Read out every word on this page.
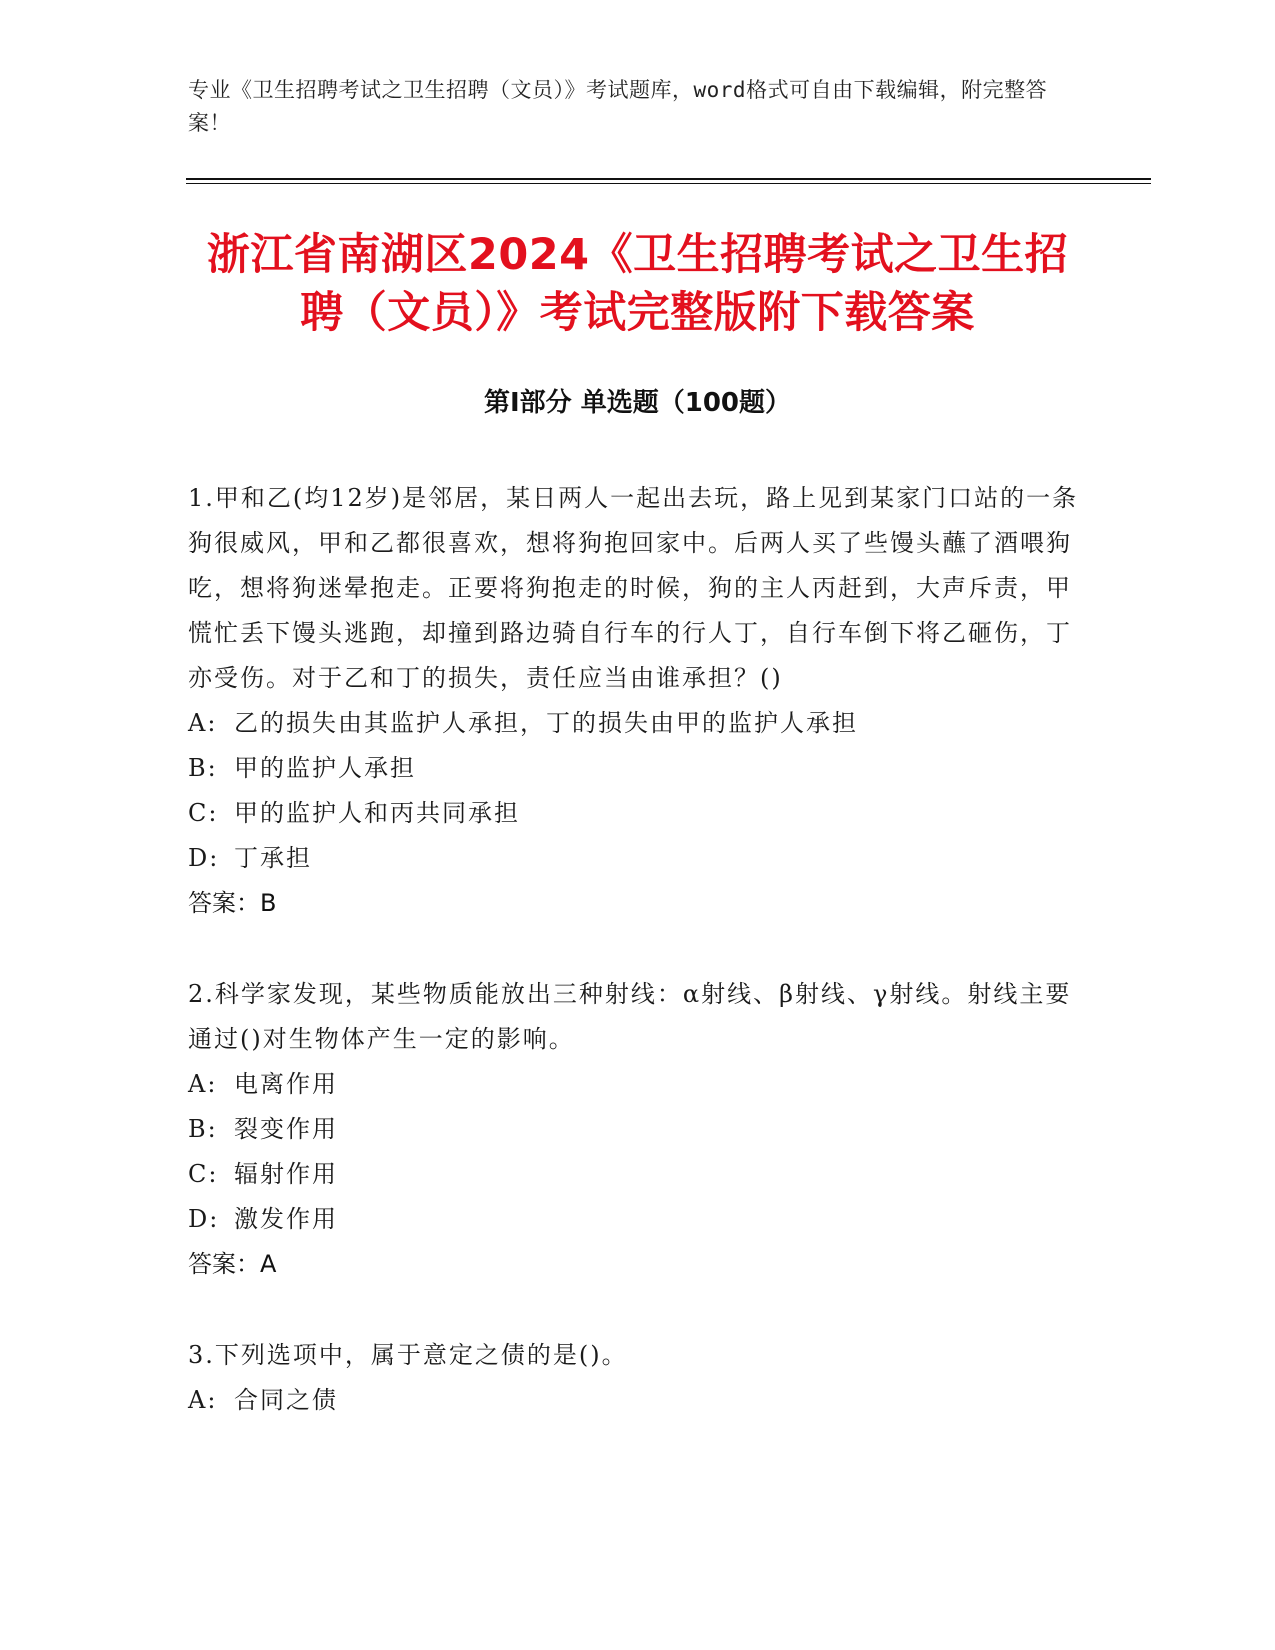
专业《卫生招聘考试之卫生招聘（文员）》考试题库，word格式可自由下载编辑，附完整答案！
浙江省南湖区2024《卫生招聘考试之卫生招
聘（文员）》考试完整版附下载答案
第Ⅰ部分 单选题（100题）

1.甲和乙(均12岁)是邻居，某日两人一起出去玩，路上见到某家门口站的一条狗很威风，甲和乙都很喜欢，想将狗抱回家中。后两人买了些馒头蘸了酒喂狗吃，想将狗迷晕抱走。正要将狗抱走的时候，狗的主人丙赶到，大声斥责，甲慌忙丢下馒头逃跑，却撞到路边骑自行车的行人丁，自行车倒下将乙砸伤，丁亦受伤。对于乙和丁的损失，责任应当由谁承担？()

A: 乙的损失由其监护人承担，丁的损失由甲的监护人承担
B: 甲的监护人承担
C: 甲的监护人和丙共同承担
D: 丁承担

答案：B

2.科学家发现，某些物质能放出三种射线：α射线、β射线、γ射线。射线主要通过()对生物体产生一定的影响。

A: 电离作用
B: 裂变作用
C: 辐射作用
D: 激发作用

答案：A

3.下列选项中，属于意定之债的是()。

A: 合同之债
